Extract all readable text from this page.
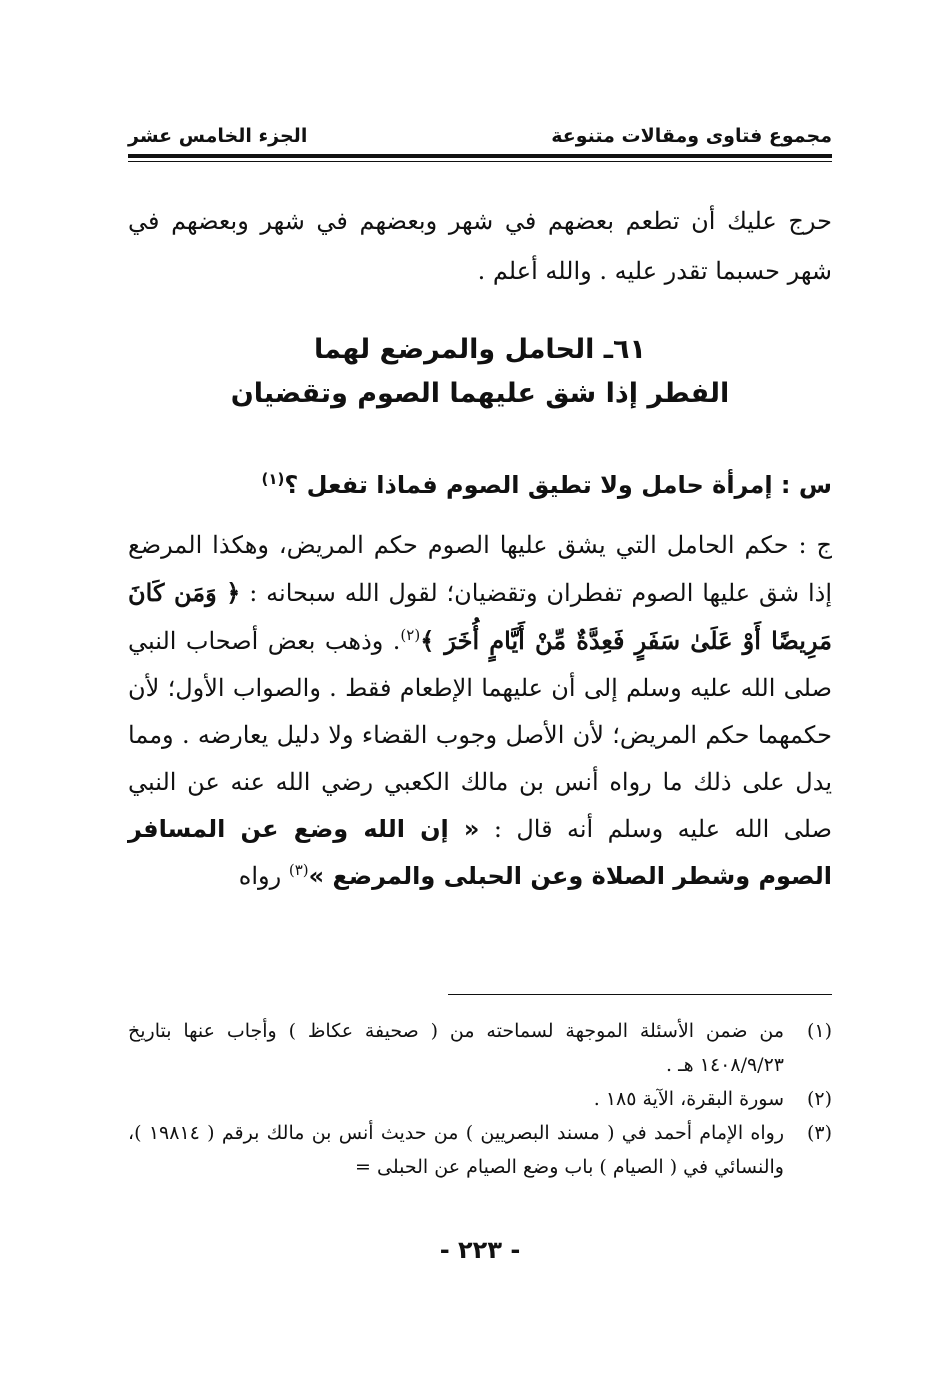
مجموع فتاوى ومقالات متنوعة
الجزء الخامس عشر
حرج عليك أن تطعم بعضهم في شهر وبعضهم في شهر وبعضهم في شهر حسبما تقدر عليه . والله أعلم .
٦١ـ الحامل والمرضع لهما
الفطر إذا شق عليهما الصوم وتقضيان
س : إمرأة حامل ولا تطيق الصوم فماذا تفعل ؟$^{(١)}$
ج : حكم الحامل التي يشق عليها الصوم حكم المريض، وهكذا المرضع إذا شق عليها الصوم تفطران وتقضيان؛ لقول الله سبحانه : ﴿ وَمَن كَانَ مَرِيضًا أَوْ عَلَىٰ سَفَرٍ فَعِدَّةٌ مِّنْ أَيَّامٍ أُخَرَ ﴾$^{(٢)}$. وذهب بعض أصحاب النبي صلى الله عليه وسلم إلى أن عليهما الإطعام فقط . والصواب الأول؛ لأن حكمهما حكم المريض؛ لأن الأصل وجوب القضاء ولا دليل يعارضه . ومما يدل على ذلك ما رواه أنس بن مالك الكعبي رضي الله عنه عن النبي صلى الله عليه وسلم أنه قال : « إن الله وضع عن المسافر الصوم وشطر الصلاة وعن الحبلى والمرضع »$^{(٣)}$ رواه
(١)
من ضمن الأسئلة الموجهة لسماحته من ( صحيفة عكاظ ) وأجاب عنها بتاريخ ١٤٠٨/٩/٢٣ هـ .
(٢)
سورة البقرة، الآية ١٨٥ .
(٣)
رواه الإمام أحمد في ( مسند البصريين ) من حديث أنس بن مالك برقم ( ١٩٨١٤ )، والنسائي في ( الصيام ) باب وضع الصيام عن الحبلى =
- ٢٢٣ -
